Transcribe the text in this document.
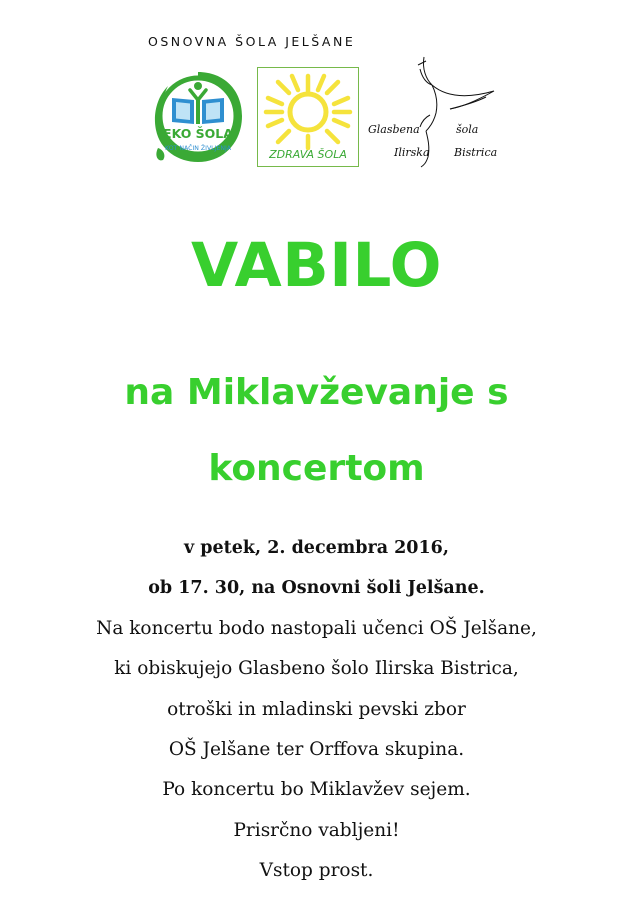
OSNOVNA ŠOLA JELŠANE
EKO ŠOLA
KOT NAČIN ŽIVLJENJA	ZDRAVA ŠOLA
Glasbena	šola
Ilirska Bistrica
VABILO
na Miklavževanje s
koncertom
v petek, 2. decembra 2016,
ob 17. 30, na Osnovni šoli Jelšane.
Na koncertu bodo nastopali učenci OŠ Jelšane,
ki obiskujejo Glasbeno šolo Ilirska Bistrica,
otroški in mladinski pevski zbor
OŠ Jelšane ter Orffova skupina.
Po koncertu bo Miklavžev sejem.
Prisrčno vabljeni!
Vstop prost.
